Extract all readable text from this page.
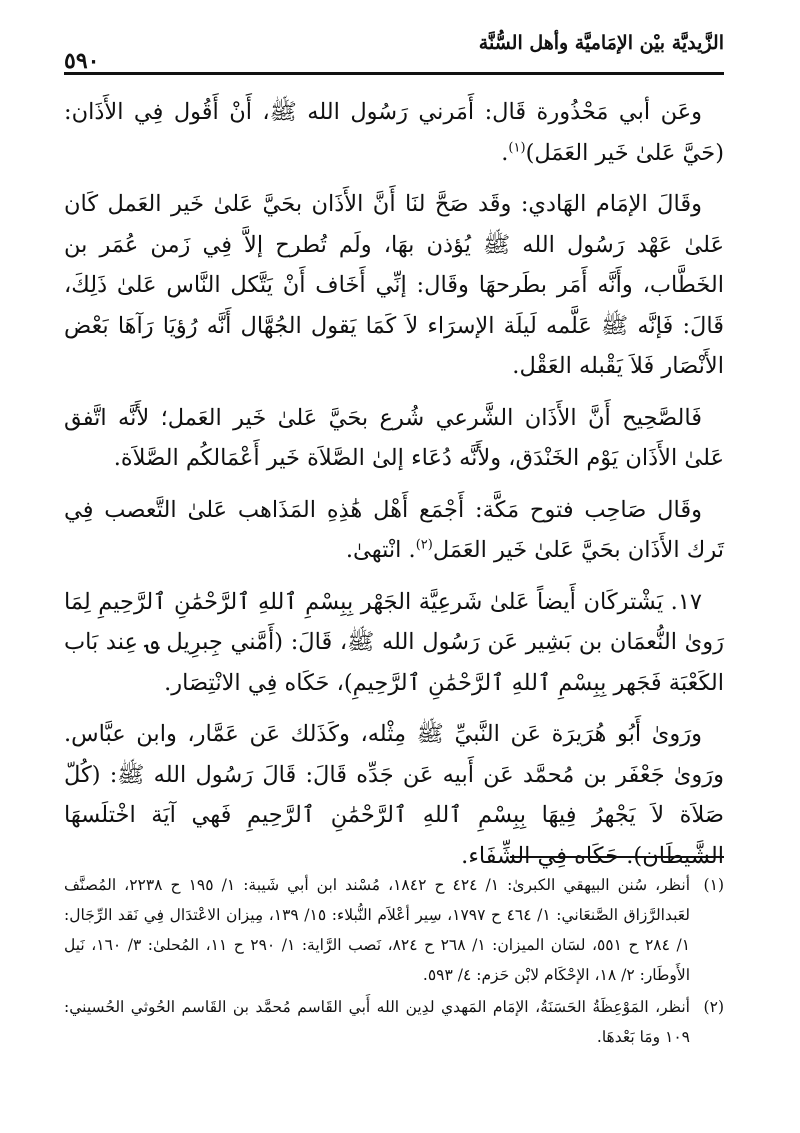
الزَّيديَّة بيْن الإمَاميَّة وأهل السُّنَّة
٥٩٠

وعَن أبي مَحْذُورة قَال: أَمَرني رَسُول الله ﷺ، أَنْ أَقُول فِي الأَذَان: (حَيَّ عَلىٰ خَير العَمَل)$^{(١)}$.

وقَالَ الإمَام الهَادي: وقَد صَحَّ لنَا أَنَّ الأَذَان بحَيَّ عَلىٰ خَير العَمل كَان عَلىٰ عَهْد رَسُول الله ﷺ يُؤذن بهَا، ولَم تُطرح إلاَّ فِي زَمن عُمَر بن الخَطَّاب، وأَنَّه أَمَر بطَرحهَا وقَال: إنِّي أَخَاف أَنْ يَتَّكل النَّاس عَلىٰ ذَلِكَ، قَالَ: فَإنَّه ﷺ عَلَّمه لَيلَة الإسرَاء لاَ كَمَا يَقول الجُهَّال أَنَّه رُؤيَا رَآهَا بَعْض الأَنْصَار فَلاَ يَقْبله العَقْل.

فَالصَّحِيح أَنَّ الأَذَان الشَّرعي شُرع بحَيَّ عَلىٰ خَير العَمل؛ لأَنَّه اتَّفق عَلىٰ الأَذَان يَوْم الخَنْدَق، ولأَنَّه دُعَاء إلىٰ الصَّلاَة خَير أَعْمَالكُم الصَّلاَة.

وقَال صَاحِب فتوح مَكَّة: أَجْمَع أَهْل هَٰذِهِ المَذَاهب عَلىٰ التَّعصب فِي تَرك الأَذَان بحَيَّ عَلىٰ خَير العَمَل$^{(٢)}$. انْتهىٰ.

١٧. يَشْتركَان أَيضاً عَلىٰ شَرعِيَّة الجَهْر بِبِسْمِ ٱللهِ ٱلرَّحْمَٰنِ ٱلرَّحِيمِ لِمَا رَوىٰ النُّعمَان بن بَشِير عَن رَسُول الله ﷺ، قَالَ: (أَمَّني جِبرِيل ؈ عِند بَاب الكَعْبَة فَجَهر بِبِسْمِ ٱللهِ ٱلرَّحْمَٰنِ ٱلرَّحِيمِ)، حَكَاه فِي الانْتِصَار.

ورَوىٰ أَبُو هُرَيرَة عَن النَّبيِّ ﷺ مِثْله، وكَذَلك عَن عَمَّار، وابن عبَّاس. ورَوىٰ جَعْفَر بن مُحمَّد عَن أَبيه عَن جَدِّه قَالَ: قَالَ رَسُول الله ﷺ: (كُلّ صَلاَة لاَ يَجْهرُ فِيهَا بِبِسْمِ ٱللهِ ٱلرَّحْمَٰنِ ٱلرَّحِيمِ فَهي آيَة اخْتلَسهَا الشَّيطَان). حَكَاه فِي الشِّفَاء.

(١)
أنظر، سُنن البيهقي الكبرىٰ: ١/ ٤٢٤ ح ١٨٤٢، مُسْند ابن أبي شَيبة: ١/ ١٩٥ ح ٢٢٣٨، المُصنَّف لعَبدالرَّزاق الصَّنعَاني: ١/ ٤٦٤ ح ١٧٩٧، سِير أعْلاَم النُّبلاء: ١٥/ ١٣٩، مِيزان الاعْتدَال فِي نَقد الرِّجَال: ١/ ٢٨٤ ح ٥٥١، لسَان الميزان: ١/ ٢٦٨ ح ٨٢٤، نَصب الرَّاية: ١/ ٢٩٠ ح ١١، المُحلىٰ: ٣/ ١٦٠، نَيل الأَوطَار: ٢/ ١٨، الإحْكَام لابْن حَزم: ٤/ ٥٩٣.
(٢)
أنظر، المَوْعِظَةُ الحَسَنَةُ، الإمَام المَهدي لدِين الله أَبي القَاسم مُحمَّد بن القَاسم الحُوثي الحُسيني: ١٠٩ ومَا بَعْدهَا.
